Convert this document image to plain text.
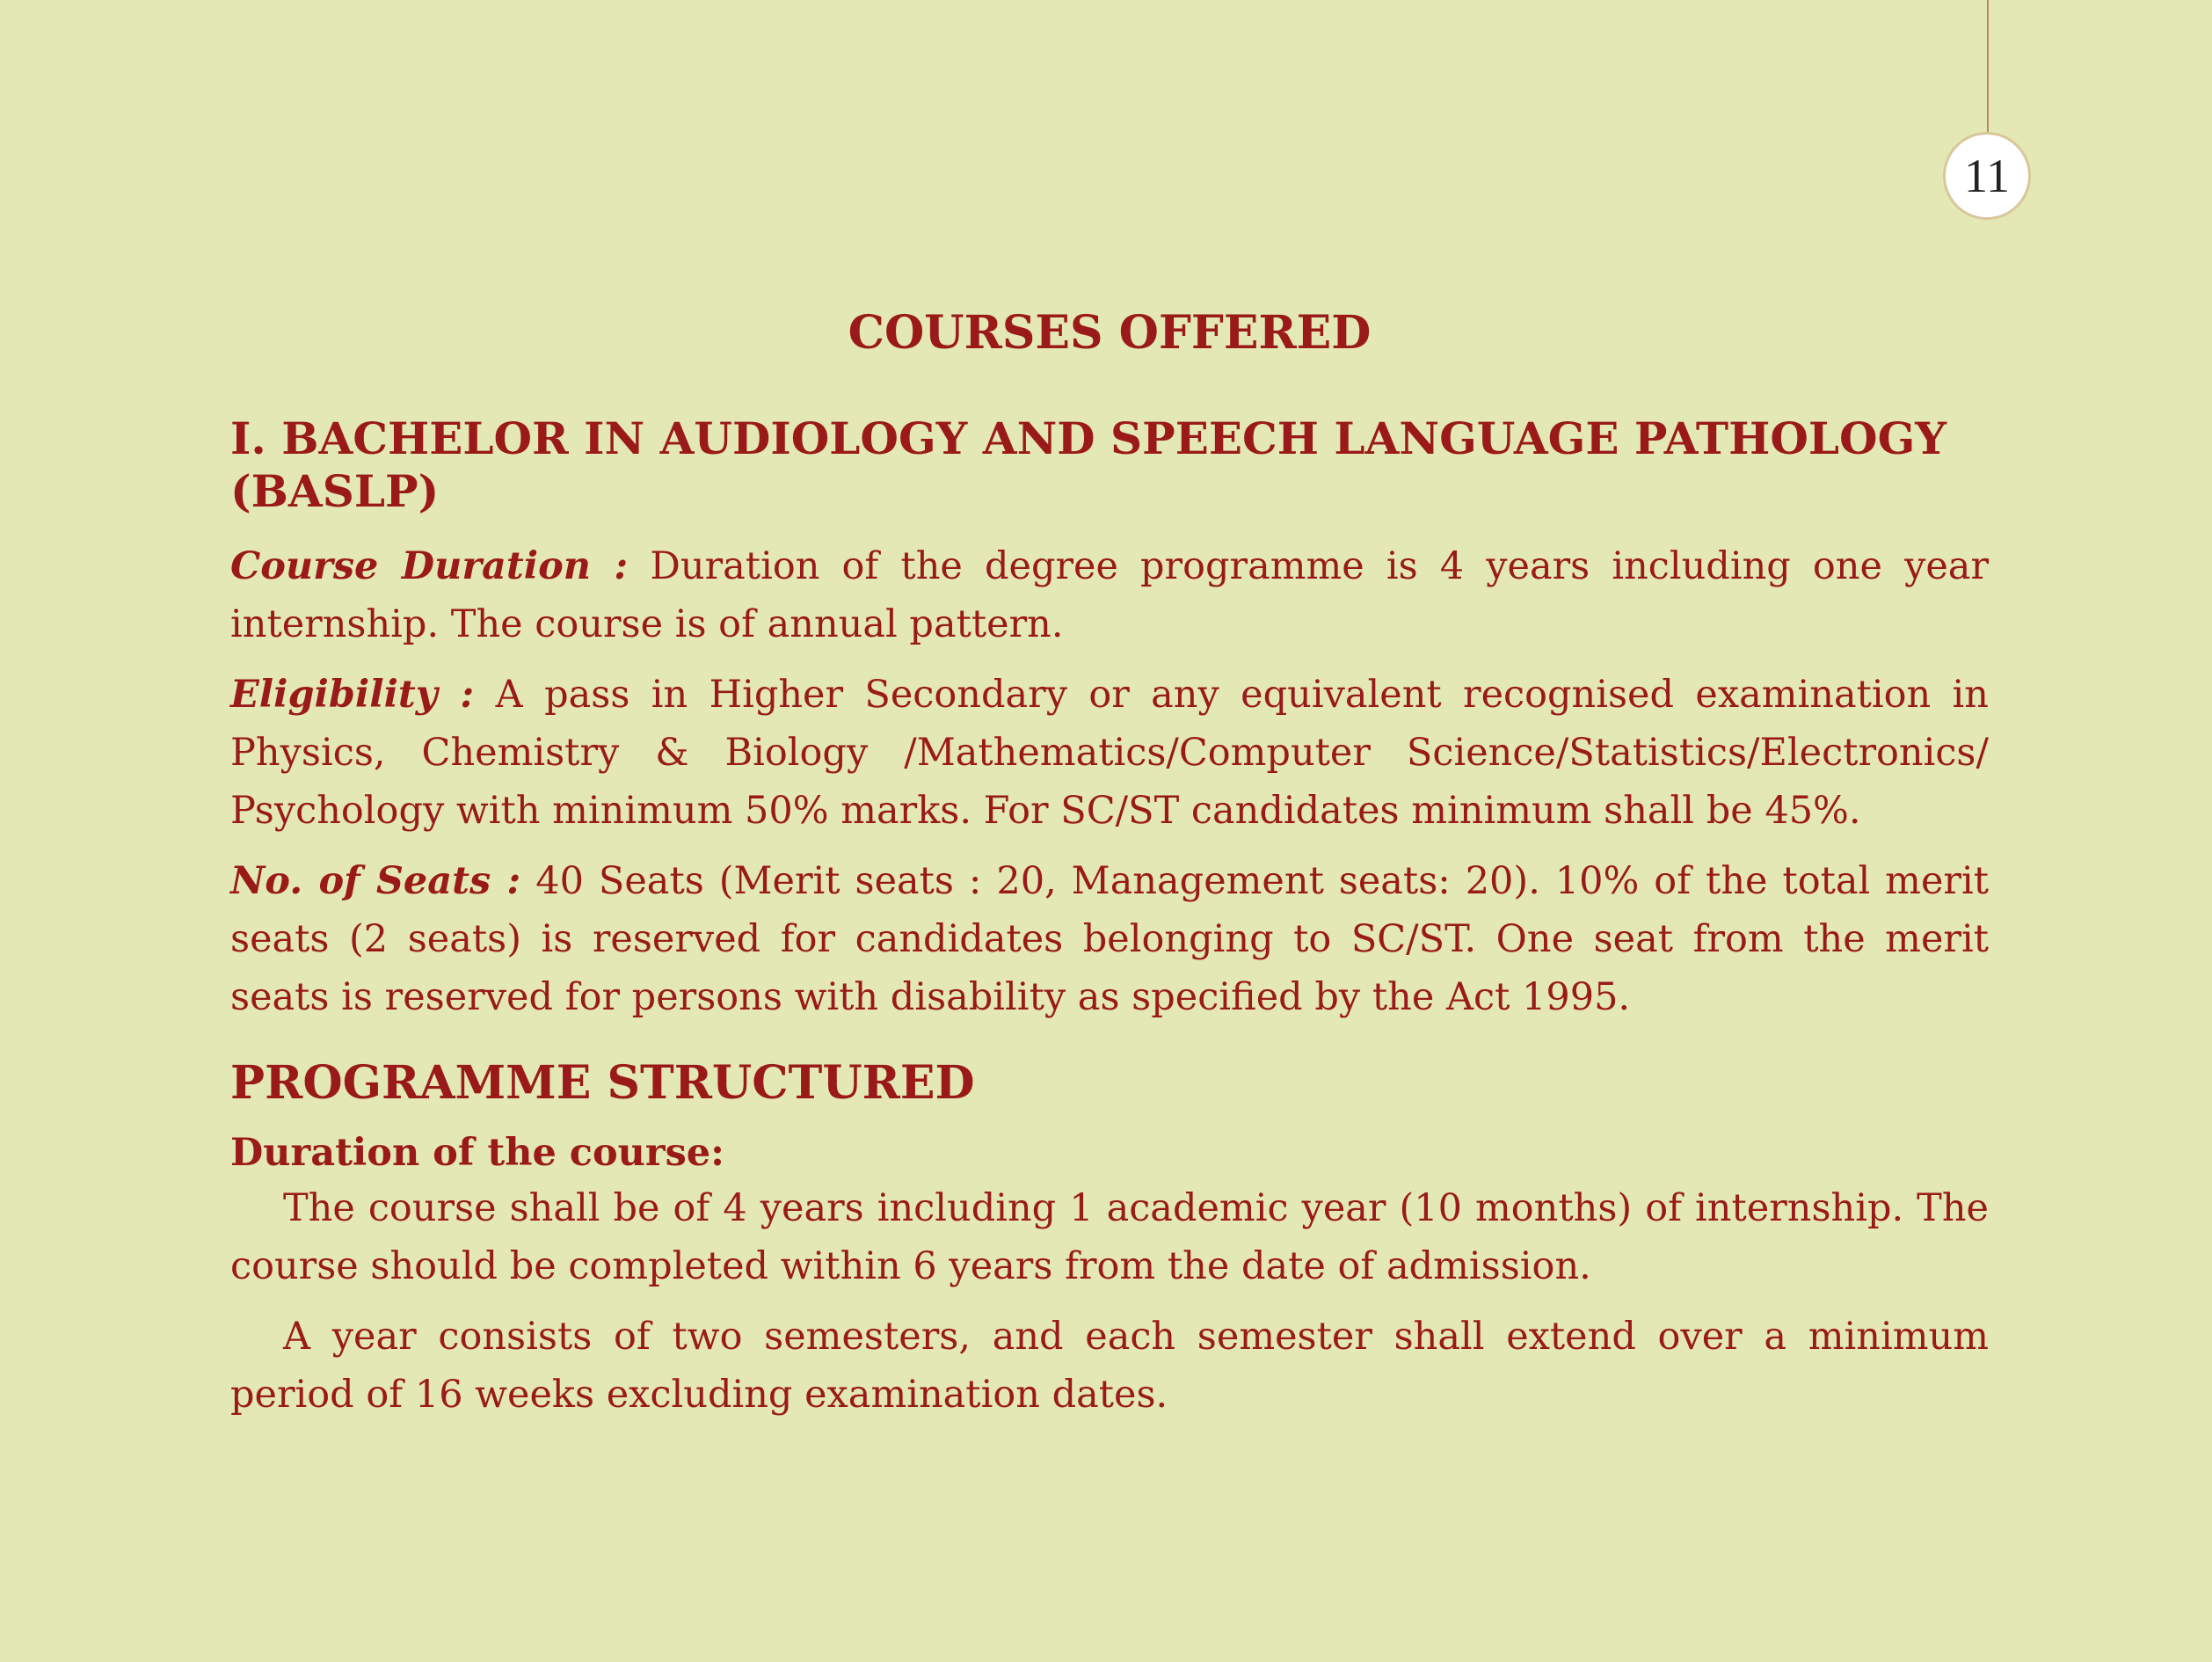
11
COURSES OFFERED
I. BACHELOR IN AUDIOLOGY AND SPEECH LANGUAGE PATHOLOGY (BASLP)

Course Duration : Duration of the degree programme is 4 years including one year internship. The course is of annual pattern.

Eligibility : A pass in Higher Secondary or any equivalent recognised examination in Physics, Chemistry & Biology /Mathematics/Computer Science/Statistics/Electronics/ Psychology with minimum 50% marks. For SC/ST candidates minimum shall be 45%.

No. of Seats : 40 Seats (Merit seats : 20, Management seats: 20). 10% of the total merit seats (2 seats) is reserved for candidates belonging to SC/ST. One seat from the merit seats is reserved for persons with disability as specified by the Act 1995.

PROGRAMME STRUCTURED
Duration of the course:

The course shall be of 4 years including 1 academic year (10 months) of internship. The course should be completed within 6 years from the date of admission.

A year consists of two semesters, and each semester shall extend over a minimum period of 16 weeks excluding examination dates.
